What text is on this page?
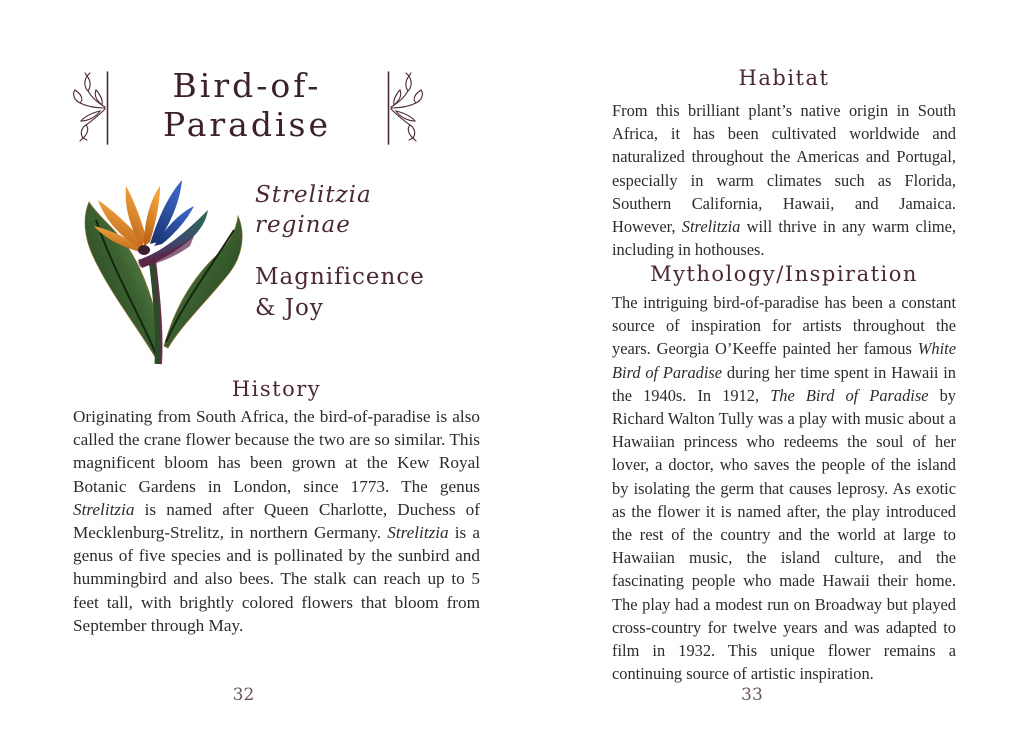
Bird-of-
Paradise
Strelitzia
reginae
Magnificence
& Joy
History
Originating from South Africa, the bird-of-paradise is also called the crane flower because the two are so similar. This magnificent bloom has been grown at the Kew Royal Botanic Gardens in London, since 1773. The genus Strelitzia is named after Queen Charlotte, Duchess of Mecklenburg-Strelitz, in northern Germany. Strelitzia is a genus of five species and is pollinated by the sunbird and hummingbird and also bees. The stalk can reach up to 5 feet tall, with brightly colored flowers that bloom from September through May.
32
Habitat
From this brilliant plant’s native origin in South Africa, it has been cultivated worldwide and naturalized throughout the Americas and Portugal, especially in warm climates such as Florida, Southern California, Hawaii, and Jamaica. However, Strelitzia will thrive in any warm clime, including in hothouses.
Mythology/Inspiration
The intriguing bird-of-paradise has been a constant source of inspiration for artists throughout the years. Georgia O’Keeffe painted her famous White Bird of Paradise during her time spent in Hawaii in the 1940s. In 1912, The Bird of Paradise by Richard Walton Tully was a play with music about a Hawaiian princess who redeems the soul of her lover, a doctor, who saves the people of the island by isolating the germ that causes leprosy. As exotic as the flower it is named after, the play introduced the rest of the country and the world at large to Hawaiian music, the island culture, and the fascinating people who made Hawaii their home. The play had a modest run on Broadway but played cross-country for twelve years and was adapted to film in 1932. This unique flower remains a continuing source of artistic inspiration.
33
